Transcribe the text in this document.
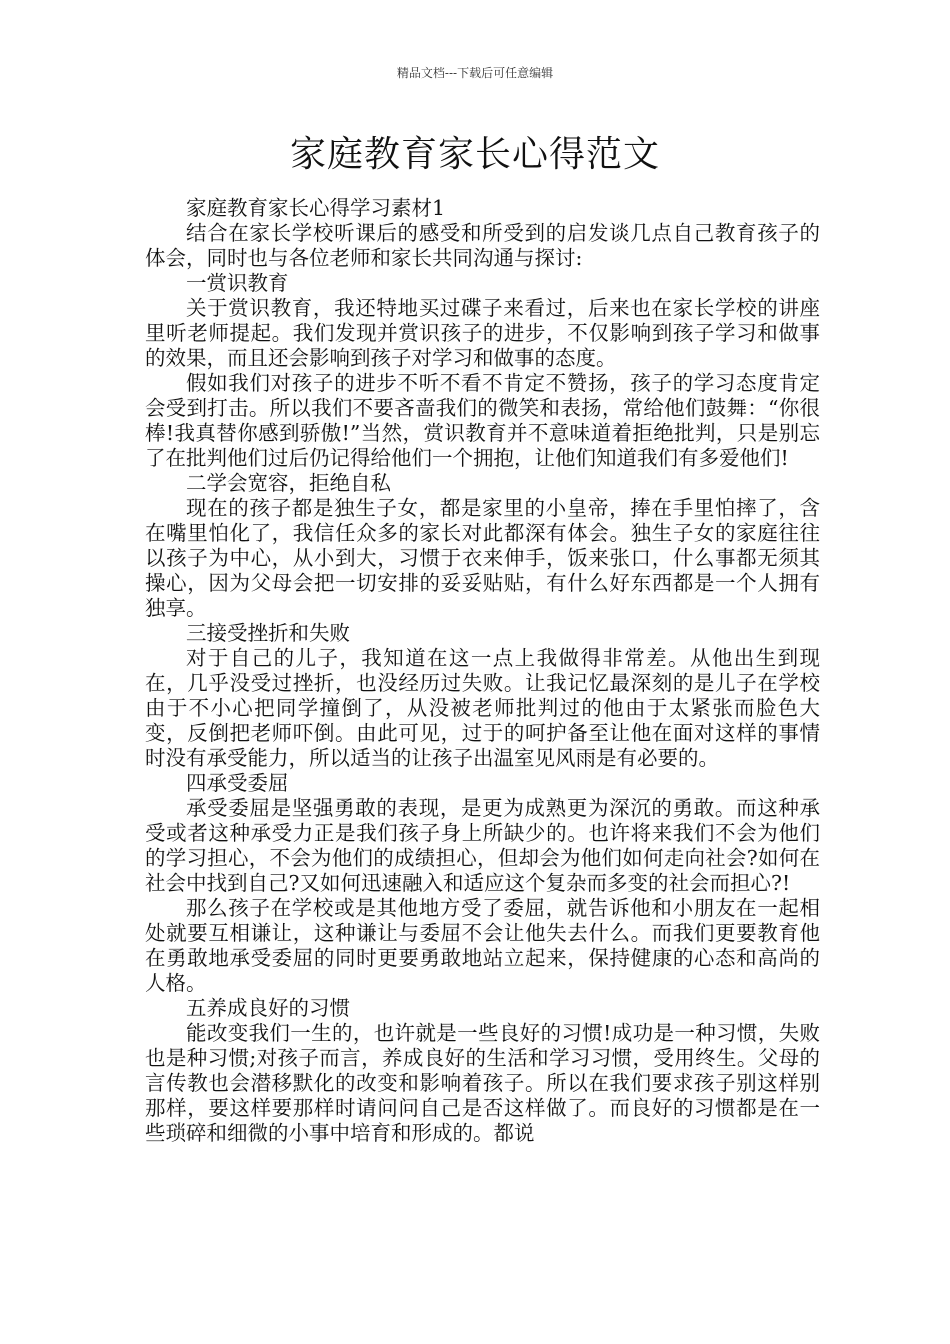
精品文档---下载后可任意编辑
家庭教育家长心得范文

家庭教育家长心得学习素材1

结合在家长学校听课后的感受和所受到的启发谈几点自己教育孩子的体会，同时也与各位老师和家长共同沟通与探讨:

一赏识教育

关于赏识教育，我还特地买过碟子来看过，后来也在家长学校的讲座里听老师提起。我们发现并赏识孩子的进步，不仅影响到孩子学习和做事的效果，而且还会影响到孩子对学习和做事的态度。

假如我们对孩子的进步不听不看不肯定不赞扬，孩子的学习态度肯定会受到打击。所以我们不要吝啬我们的微笑和表扬，常给他们鼓舞：“你很棒!我真替你感到骄傲!”当然，赏识教育并不意味道着拒绝批判，只是别忘了在批判他们过后仍记得给他们一个拥抱，让他们知道我们有多爱他们!

二学会宽容，拒绝自私

现在的孩子都是独生子女，都是家里的小皇帝，捧在手里怕摔了，含在嘴里怕化了，我信任众多的家长对此都深有体会。独生子女的家庭往往以孩子为中心，从小到大，习惯于衣来伸手，饭来张口，什么事都无须其操心，因为父母会把一切安排的妥妥贴贴，有什么好东西都是一个人拥有独享。

三接受挫折和失败

对于自己的儿子，我知道在这一点上我做得非常差。从他出生到现在，几乎没受过挫折，也没经历过失败。让我记忆最深刻的是儿子在学校由于不小心把同学撞倒了，从没被老师批判过的他由于太紧张而脸色大变，反倒把老师吓倒。由此可见，过于的呵护备至让他在面对这样的事情时没有承受能力，所以适当的让孩子出温室见风雨是有必要的。

四承受委屈

承受委屈是坚强勇敢的表现，是更为成熟更为深沉的勇敢。而这种承受或者这种承受力正是我们孩子身上所缺少的。也许将来我们不会为他们的学习担心，不会为他们的成绩担心，但却会为他们如何走向社会?如何在社会中找到自己?又如何迅速融入和适应这个复杂而多变的社会而担心?!

那么孩子在学校或是其他地方受了委屈，就告诉他和小朋友在一起相处就要互相谦让，这种谦让与委屈不会让他失去什么。而我们更要教育他在勇敢地承受委屈的同时更要勇敢地站立起来，保持健康的心态和高尚的人格。

五养成良好的习惯

能改变我们一生的，也许就是一些良好的习惯!成功是一种习惯，失败也是种习惯;对孩子而言，养成良好的生活和学习习惯，受用终生。父母的言传教也会潜移默化的改变和影响着孩子。所以在我们要求孩子别这样别那样，要这样要那样时请问问自己是否这样做了。而良好的习惯都是在一些琐碎和细微的小事中培育和形成的。都说
